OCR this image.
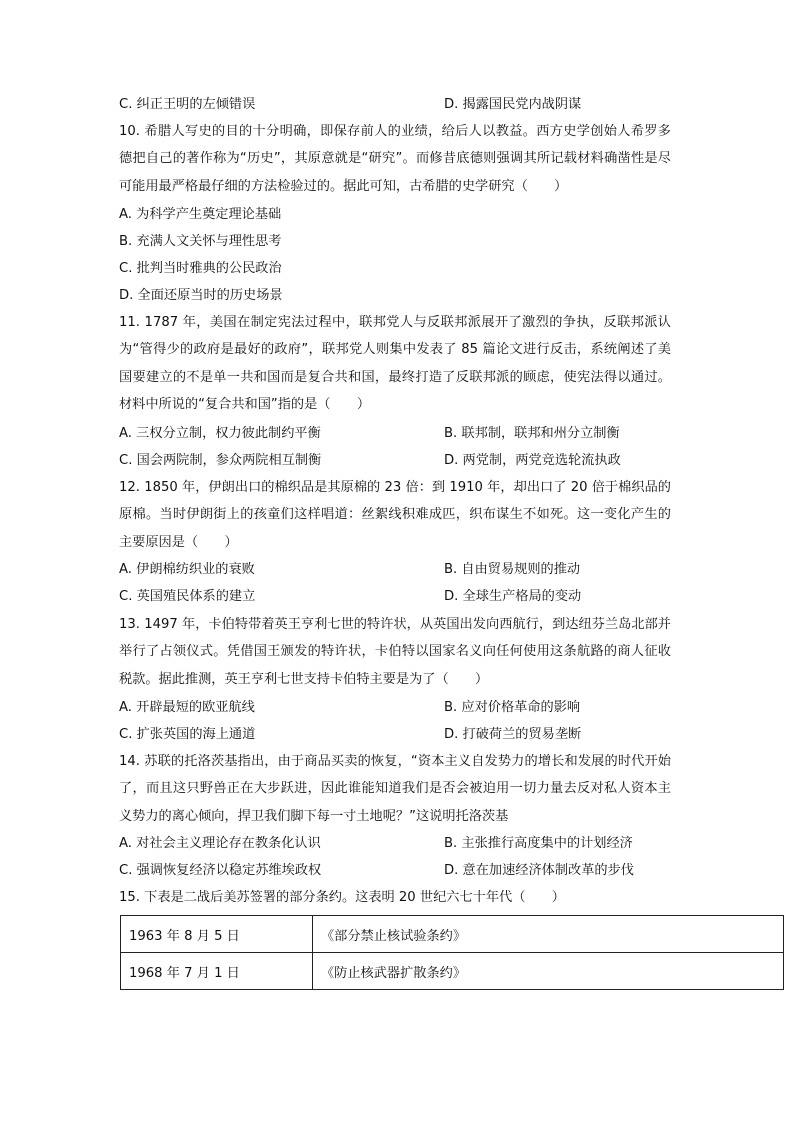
C. 纠正王明的左倾错误	D. 揭露国民党内战阴谋
10. 希腊人写史的目的十分明确，即保存前人的业绩，给后人以教益。西方史学创始人希罗多德把自己的著作称为“历史”，其原意就是“研究”。而修昔底德则强调其所记载材料确凿性是尽可能用最严格最仔细的方法检验过的。据此可知，古希腊的史学研究（　　）
A. 为科学产生奠定理论基础
B. 充满人文关怀与理性思考
C. 批判当时雅典的公民政治
D. 全面还原当时的历史场景
11. 1787 年，美国在制定宪法过程中，联邦党人与反联邦派展开了激烈的争执，反联邦派认为“管得少的政府是最好的政府”，联邦党人则集中发表了 85 篇论文进行反击，系统阐述了美国要建立的不是单一共和国而是复合共和国，最终打造了反联邦派的顾虑，使宪法得以通过。材料中所说的“复合共和国”指的是（　　）
A. 三权分立制，权力彼此制约平衡	B. 联邦制，联邦和州分立制衡
C. 国会两院制，参众两院相互制衡	D. 两党制，两党竞选轮流执政
12. 1850 年，伊朗出口的棉织品是其原棉的 23 倍：到 1910 年，却出口了 20 倍于棉织品的原棉。当时伊朗街上的孩童们这样唱道：丝絮线积难成匹，织布谋生不如死。这一变化产生的主要原因是（　　）
A. 伊朗棉纺织业的衰败	B. 自由贸易规则的推动
C. 英国殖民体系的建立	D. 全球生产格局的变动
13. 1497 年，卡伯特带着英王亨利七世的特许状，从英国出发向西航行，到达纽芬兰岛北部并举行了占领仪式。凭借国王颁发的特许状，卡伯特以国家名义向任何使用这条航路的商人征收税款。据此推测，英王亨利七世支持卡伯特主要是为了（　　）
A. 开辟最短的欧亚航线	B. 应对价格革命的影响
C. 扩张英国的海上通道	D. 打破荷兰的贸易垄断
14. 苏联的托洛茨基指出，由于商品买卖的恢复，“资本主义自发势力的增长和发展的时代开始了，而且这只野兽正在大步跃进，因此谁能知道我们是否会被迫用一切力量去反对私人资本主义势力的离心倾向，捍卫我们脚下每一寸土地呢？”这说明托洛茨基
A. 对社会主义理论存在教条化认识	B. 主张推行高度集中的计划经济
C. 强调恢复经济以稳定苏维埃政权	D. 意在加速经济体制改革的步伐
15. 下表是二战后美苏签署的部分条约。这表明 20 世纪六七十年代（　　）
1963 年 8 月 5 日	《部分禁止核试验条约》
1968 年 7 月 1 日	《防止核武器扩散条约》
